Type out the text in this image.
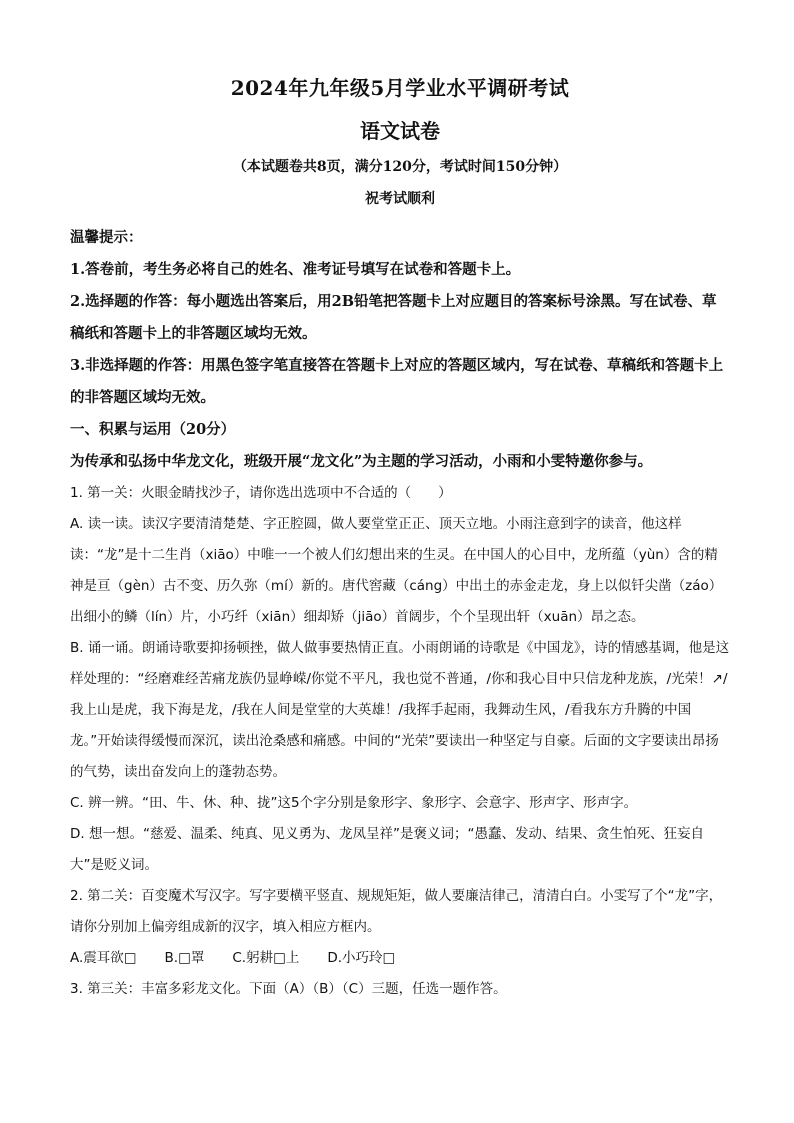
2024年九年级5月学业水平调研考试
语文试卷
（本试题卷共8页，满分120分，考试时间150分钟）
祝考试顺利
温馨提示：
1.答卷前，考生务必将自己的姓名、准考证号填写在试卷和答题卡上。
2.选择题的作答：每小题选出答案后，用2B铅笔把答题卡上对应题目的答案标号涂黑。写在试卷、草稿纸和答题卡上的非答题区域均无效。
3.非选择题的作答：用黑色签字笔直接答在答题卡上对应的答题区域内，写在试卷、草稿纸和答题卡上的非答题区域均无效。
一、积累与运用（20分）
为传承和弘扬中华龙文化，班级开展“龙文化”为主题的学习活动，小雨和小雯特邀你参与。
1. 第一关：火眼金睛找沙子，请你选出选项中不合适的（　　）
A. 读一读。读汉字要清清楚楚、字正腔圆，做人要堂堂正正、顶天立地。小雨注意到字的读音，他这样读：“龙”是十二生肖（xiāo）中唯一一个被人们幻想出来的生灵。在中国人的心目中，龙所蕴（yùn）含的精神是亘（gèn）古不变、历久弥（mí）新的。唐代窖藏（cáng）中出土的赤金走龙，身上以似钎尖凿（záo）出细小的鳞（lín）片，小巧纤（xiān）细却矫（jiāo）首阔步，个个呈现出轩（xuān）昂之态。
B. 诵一诵。朗诵诗歌要抑扬顿挫，做人做事要热情正直。小雨朗诵的诗歌是《中国龙》，诗的情感基调，他是这样处理的：“经磨难经苦痛龙族仍显峥嵘/你觉不平凡，我也觉不普通，/你和我心目中只信龙种龙族，/光荣！↗/我上山是虎，我下海是龙，/我在人间是堂堂的大英雄！/我挥手起雨，我舞动生风，/看我东方升腾的中国龙。”开始读得缓慢而深沉，读出沧桑感和痛感。中间的“光荣”要读出一种坚定与自豪。后面的文字要读出昂扬的气势，读出奋发向上的蓬勃态势。
C. 辨一辨。“田、牛、休、种、拢”这5个字分别是象形字、象形字、会意字、形声字、形声字。
D. 想一想。“慈爱、温柔、纯真、见义勇为、龙凤呈祥”是褒义词；“愚蠢、发动、结果、贪生怕死、狂妄自大”是贬义词。
2. 第二关：百变魔术写汉字。写字要横平竖直、规规矩矩，做人要廉洁律己，清清白白。小雯写了个“龙”字，请你分别加上偏旁组成新的汉字，填入相应方框内。
A.震耳欲□ B.□罩 C.躬耕□上 D.小巧玲□
3. 第三关：丰富多彩龙文化。下面（A）（B）（C）三题，任选一题作答。
